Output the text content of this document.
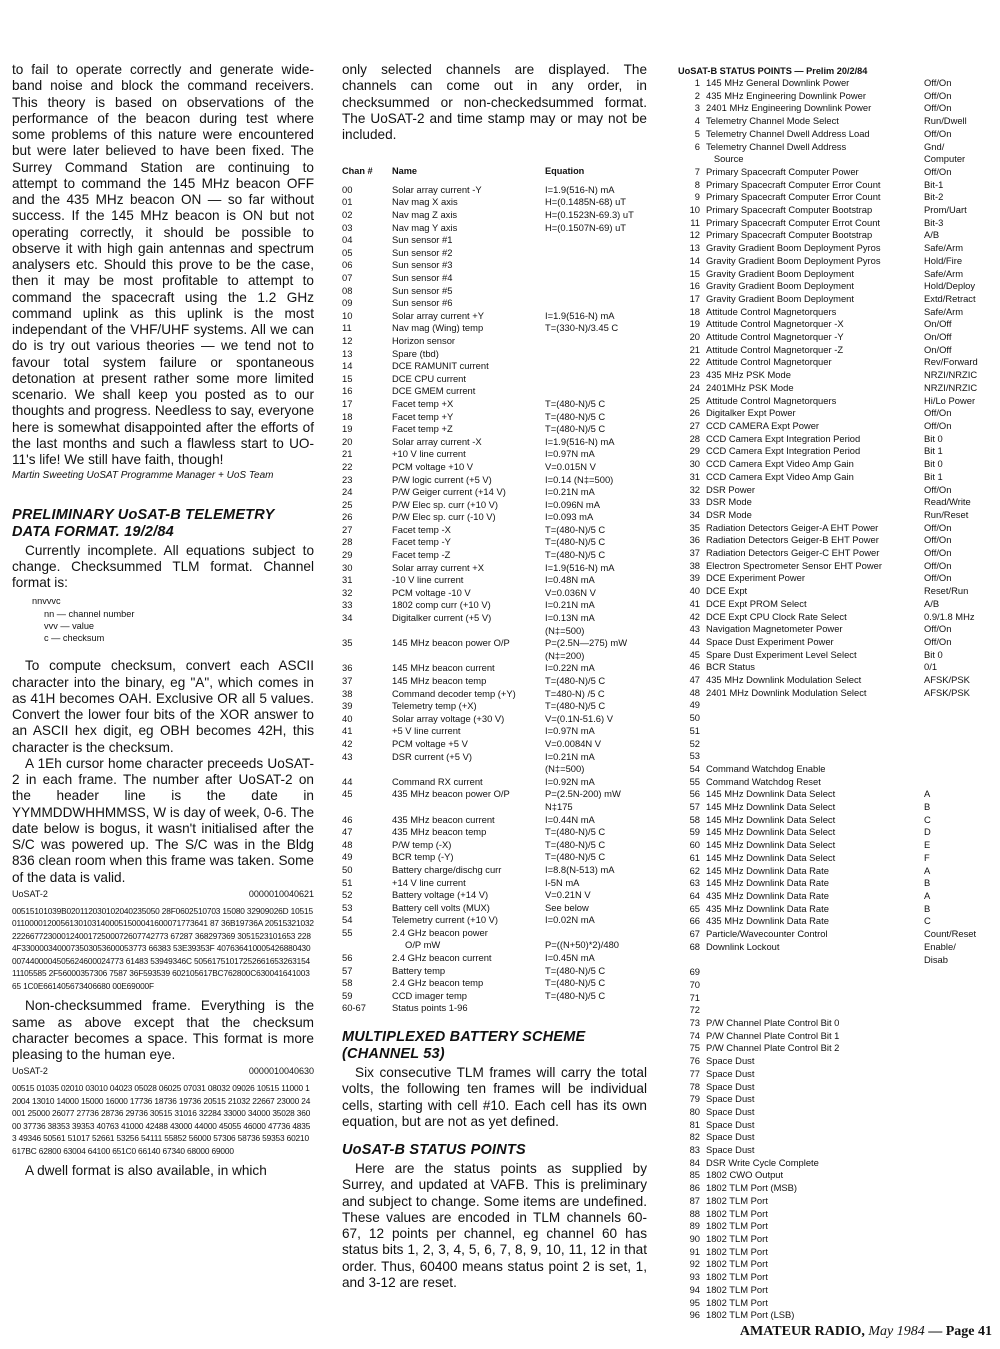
to fail to operate correctly and generate wide-band noise and block the command receivers. This theory is based on observations of the performance of the beacon during test where some problems of this nature were encountered but were later believed to have been fixed. The Surrey Command Station are continuing to attempt to command the 145 MHz beacon OFF and the 435 MHz beacon ON — so far without success. If the 145 MHz beacon is ON but not operating correctly, it should be possible to observe it with high gain antennas and spectrum analysers etc. Should this prove to be the case, then it may be most profitable to attempt to command the spacecraft using the 1.2 GHz command uplink as this uplink is the most independant of the VHF/UHF systems. All we can do is try out various theories — we tend not to favour total system failure or spontaneous detonation at present rather some more limited scenario. We shall keep you posted as to our thoughts and progress. Needless to say, everyone here is somewhat disappointed after the efforts of the last months and such a flawless start to UO-11's life! We still have faith, though!

Martin Sweeting UoSAT Programme Manager + UoS Team

PRELIMINARY UoSAT-B TELEMETRY DATA FORMAT. 19/2/84

Currently incomplete. All equations subject to change. Checksummed TLM format. Channel format is:

nnvvvc
nn — channel number
vvv — value
c — checksum

To compute checksum, convert each ASCII character into the binary, eg "A", which comes in as 41H becomes OAH. Exclusive OR all 5 values. Convert the lower four bits of the XOR answer to an ASCII hex digit, eg OBH becomes 42H, this character is the checksum.

A 1Eh cursor home character preceeds UoSAT-2 in each frame. The number after UoSAT-2 on the header line is the date in YYMMDDWHHMMSS, W is day of week, 0-6. The date below is bogus, it wasn't initialised after the S/C was powered up. The S/C was in the Bldg 836 clean room when this frame was taken. Some of the data is valid.

UoSAT-2	0000010040621

00515101039B020112030102040235050 28F0602510703 15080 32909026D 1051501100001200561301031400051500041600071773641 87 36B19736A 2051532103222266772300012400172500072607742773 67287 368297369 3051523101653 2284F3300003400073503053600053773 66383 53E39353F 4076364100054268804300074400004505624600024773 61483 53949346C 5056175101725266165326315411105585 2F56000357306 7587 36F593539 602105617BC762800C63004164100365 1C0E661405673406680 00E69000F

Non-checksummed frame. Everything is the same as above except that the checksum character becomes a space. This format is more pleasing to the human eye.

UoSAT-2	0000010040630

00515 01035 02010 03010 04023 05028 06025 07031 08032 09026 10515 11000 12004 13010 14000 15000 16000 17736 18736 19736 20515 21032 22667 23000 24001 25000 26077 27736 28736 29736 30515 31016 32284 33000 34000 35028 36000 37736 38353 39353 40763 41000 42488 43000 44000 45055 46000 47736 48353 49346 50561 51017 52661 53256 54111 55852 56000 57306 58736 59353 60210 617BC 62800 63004 64100 651C0 66140 67340 68000 69000

A dwell format is also available, in which

only selected channels are displayed. The channels can come out in any order, in checksummed or non-checkedsummed format. The UoSAT-2 and time stamp may or may not be included.

Chan #	Name	Equation
00	Solar array current -Y	I=1.9(516-N) mA
01	Nav mag X axis	H=(0.1485N-68) uT
02	Nav mag Z axis	H=(0.1523N-69.3) uT
03	Nav mag Y axis	H=(0.1507N-69) uT
04	Sun sensor #1	
05	Sun sensor #2	
06	Sun sensor #3	
07	Sun sensor #4	
08	Sun sensor #5	
09	Sun sensor #6	
10	Solar array current +Y	I=1.9(516-N) mA
11	Nav mag (Wing) temp	T=(330-N)/3.45 C
12	Horizon sensor	
13	Spare (tbd)	
14	DCE RAMUNIT current	
15	DCE CPU current	
16	DCE GMEM current	
17	Facet temp +X	T=(480-N)/5 C
18	Facet temp +Y	T=(480-N)/5 C
19	Facet temp +Z	T=(480-N)/5 C
20	Solar array current -X	I=1.9(516-N) mA
21	+10 V line current	I=0.97N mA
22	PCM voltage +10 V	V=0.015N V
23	P/W logic current (+5 V)	I=0.14 (N‡=500)
24	P/W Geiger current (+14 V)	I=0.21N mA
25	P/W Elec sp. curr (+10 V)	I=0.096N mA
26	P/W Elec sp. curr (-10 V)	I=0.093 mA
27	Facet temp -X	T=(480-N)/5 C
28	Facet temp -Y	T=(480-N)/5 C
29	Facet temp -Z	T=(480-N)/5 C
30	Solar array current +X	I=1.9(516-N) mA
31	-10 V line current	I=0.48N mA
32	PCM voltage -10 V	V=0.036N V
33	1802 comp curr (+10 V)	I=0.21N mA
34	Digitalker current (+5 V)	I=0.13N mA
		(N‡=500)
35	145 MHz beacon power O/P	P=(2.5N—275) mW
		(N‡=200)
36	145 MHz beacon current	I=0.22N mA
37	145 MHz beacon temp	T=(480-N)/5 C
38	Command decoder temp (+Y)	T=480-N) /5 C
39	Telemetry temp (+X)	T=(480-N)/5 C
40	Solar array voltage (+30 V)	V=(0.1N-51.6) V
41	+5 V line current	I=0.97N mA
42	PCM voltage +5 V	V=0.0084N V
43	DSR current (+5 V)	I=0.21N mA
		(N‡=500)
44	Command RX current	I=0.92N mA
45	435 MHz beacon power O/P	P=(2.5N-200) mW
		N‡175
46	435 MHz beacon current	I=0.44N mA
47	435 MHz beacon temp	T=(480-N)/5 C
48	P/W temp (-X)	T=(480-N)/5 C
49	BCR temp (-Y)	T=(480-N)/5 C
50	Battery charge/dischg curr	I=8.8(N-513) mA
51	+14 V line current	I-5N mA
52	Battery voltage (+14 V)	V=0.21N V
53	Battery cell volts (MUX)	See below
54	Telemetry current (+10 V)	I=0.02N mA
55	2.4 GHz beacon power	
	O/P mW	P=((N+50)*2)/480
56	2.4 GHz beacon current	I=0.45N mA
57	Battery temp	T=(480-N)/5 C
58	2.4 GHz beacon temp	T=(480-N)/5 C
59	CCD imager temp	T=(480-N)/5 C
60-67	Status points 1-96	
MULTIPLEXED BATTERY SCHEME (CHANNEL 53)

Six consecutive TLM frames will carry the total volts, the following ten frames will be individual cells, starting with cell #10. Each cell has its own equation, but are not as yet defined.

UoSAT-B STATUS POINTS

Here are the status points as supplied by Surrey, and updated at VAFB. This is preliminary and subject to change. Some items are undefined. These values are encoded in TLM channels 60-67, 12 points per channel, eg channel 60 has status bits 1, 2, 3, 4, 5, 6, 7, 8, 9, 10, 11, 12 in that order. Thus, 60400 means status point 2 is set, 1, and 3-12 are reset.

UoSAT-B STATUS POINTS — Prelim 20/2/84
1	145 MHz General Downlink Power	Off/On
2	435 MHz Engineering Downlink Power	Off/On
3	2401 MHz Engineering Downlink Power	Off/On
4	Telemetry Channel Mode Select	Run/Dwell
5	Telemetry Channel Dwell Address Load	Off/On
6	Telemetry Channel Dwell Address	Gnd/
	Source	Computer
7	Primary Spacecraft Computer Power	Off/On
8	Primary Spacecraft Computer Error Count	Bit-1
9	Primary Spacecraft Computer Error Count	Bit-2
10	Primary Spacecraft Computer Bootstrap	Prom/Uart
11	Primary Spacecraft Computer Errot Count	Bit-3
12	Primary Spacecraft Computer Bootstrap	A/B
13	Gravity Gradient Boom Deployment Pyros	Safe/Arm
14	Gravity Gradient Boom Deployment Pyros	Hold/Fire
15	Gravity Gradient Boom Deployment	Safe/Arm
16	Gravity Gradient Boom Deployment	Hold/Deploy
17	Gravity Gradient Boom Deployment	Extd/Retract
18	Attitude Control Magnetorquers	Safe/Arm
19	Attitude Control Magnetorquer -X	On/Off
20	Attitude Control Magnetorquer -Y	On/Off
21	Attitude Control Magnetorquer -Z	On/Off
22	Attitude Control Magnetorquer	Rev/Forward
23	435 MHz PSK Mode	NRZI/NRZIC
24	2401MHz PSK Mode	NRZI/NRZIC
25	Attitude Control Magnetorquers	Hi/Lo Power
26	Digitalker Expt Power	Off/On
27	CCD CAMERA Expt Power	Off/On
28	CCD Camera Expt Integration Period	Bit 0
29	CCD Camera Expt Integration Period	Bit 1
30	CCD Camera Expt Video Amp Gain	Bit 0
31	CCD Camera Expt Video Amp Gain	Bit 1
32	DSR Power	Off/On
33	DSR Mode	Read/Write
34	DSR Mode	Run/Reset
35	Radiation Detectors Geiger-A EHT Power	Off/On
36	Radiation Detectors Geiger-B EHT Power	Off/On
37	Radiation Detectors Geiger-C EHT Power	Off/On
38	Electron Spectrometer Sensor EHT Power	Off/On
39	DCE Experiment Power	Off/On
40	DCE Expt	Reset/Run
41	DCE Expt PROM Select	A/B
42	DCE Expt CPU Clock Rate Select	0.9/1.8 MHz
43	Navigation Magnetometer Power	Off/On
44	Space Dust Experiment Power	Off/On
45	Spare Dust Experiment Level Select	Bit 0
46	BCR Status	0/1
47	435 MHz Downlink Modulation Select	AFSK/PSK
48	2401 MHz Downlink Modulation Select	AFSK/PSK
49		
50		
51		
52		
53		
54	Command Watchdog Enable	
55	Command Watchdog Reset	
56	145 MHz Downlink Data Select	A
57	145 MHz Downlink Data Select	B
58	145 MHz Downlink Data Select	C
59	145 MHz Downlink Data Select	D
60	145 MHz Downlink Data Select	E
61	145 MHz Downlink Data Select	F
62	145 MHz Downlink Data Rate	A
63	145 MHz Downlink Data Rate	B
64	435 MHz Downlink Data Rate	A
65	435 MHz Downlink Data Rate	B
66	435 MHz Downlink Data Rate	C
67	Particle/Wavecounter Control	Count/Reset
68	Downlink Lockout	Enable/
		Disab
69		
70		
71		
72		
73	P/W Channel Plate Control Bit 0	
74	P/W Channel Plate Control Bit 1	
75	P/W Channel Plate Control Bit 2	
76	Space Dust	
77	Space Dust	
78	Space Dust	
79	Space Dust	
80	Space Dust	
81	Space Dust	
82	Space Dust	
83	Space Dust	
84	DSR Write Cycle Complete	
85	1802 CWO Output	
86	1802 TLM Port (MSB)	
87	1802 TLM Port	
88	1802 TLM Port	
89	1802 TLM Port	
90	1802 TLM Port	
91	1802 TLM Port	
92	1802 TLM Port	
93	1802 TLM Port	
94	1802 TLM Port	
95	1802 TLM Port	
96	1802 TLM Port (LSB)	
AMATEUR RADIO, May 1984 — Page 41
